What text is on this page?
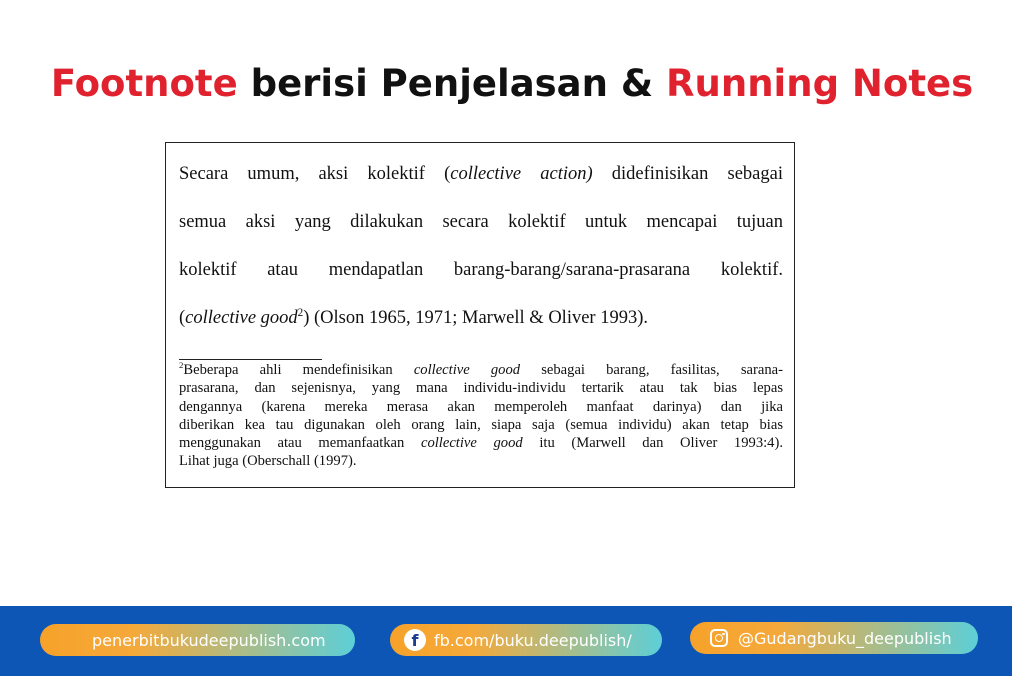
Footnote berisi Penjelasan & Running Notes
Secara umum, aksi kolektif (collective action) didefinisikan sebagai
semua aksi yang dilakukan secara kolektif untuk mencapai tujuan
kolektif atau mendapatlan barang-barang/sarana-prasarana kolektif.
(collective good$^2$) (Olson 1965, 1971; Marwell & Oliver 1993).
$^2$Beberapa ahli mendefinisikan collective good sebagai barang, fasilitas, sarana-
prasarana, dan sejenisnya, yang mana individu-individu tertarik atau tak bias lepas
dengannya (karena mereka merasa akan memperoleh manfaat darinya) dan jika
diberikan kea tau digunakan oleh orang lain, siapa saja (semua individu) akan tetap bias
menggunakan atau memanfaatkan collective good itu (Marwell dan Oliver 1993:4).
Lihat juga (Oberschall (1997).
penerbitbukudeepublish.com	f fb.com/buku.deepublish/	@Gudangbuku_deepublish
